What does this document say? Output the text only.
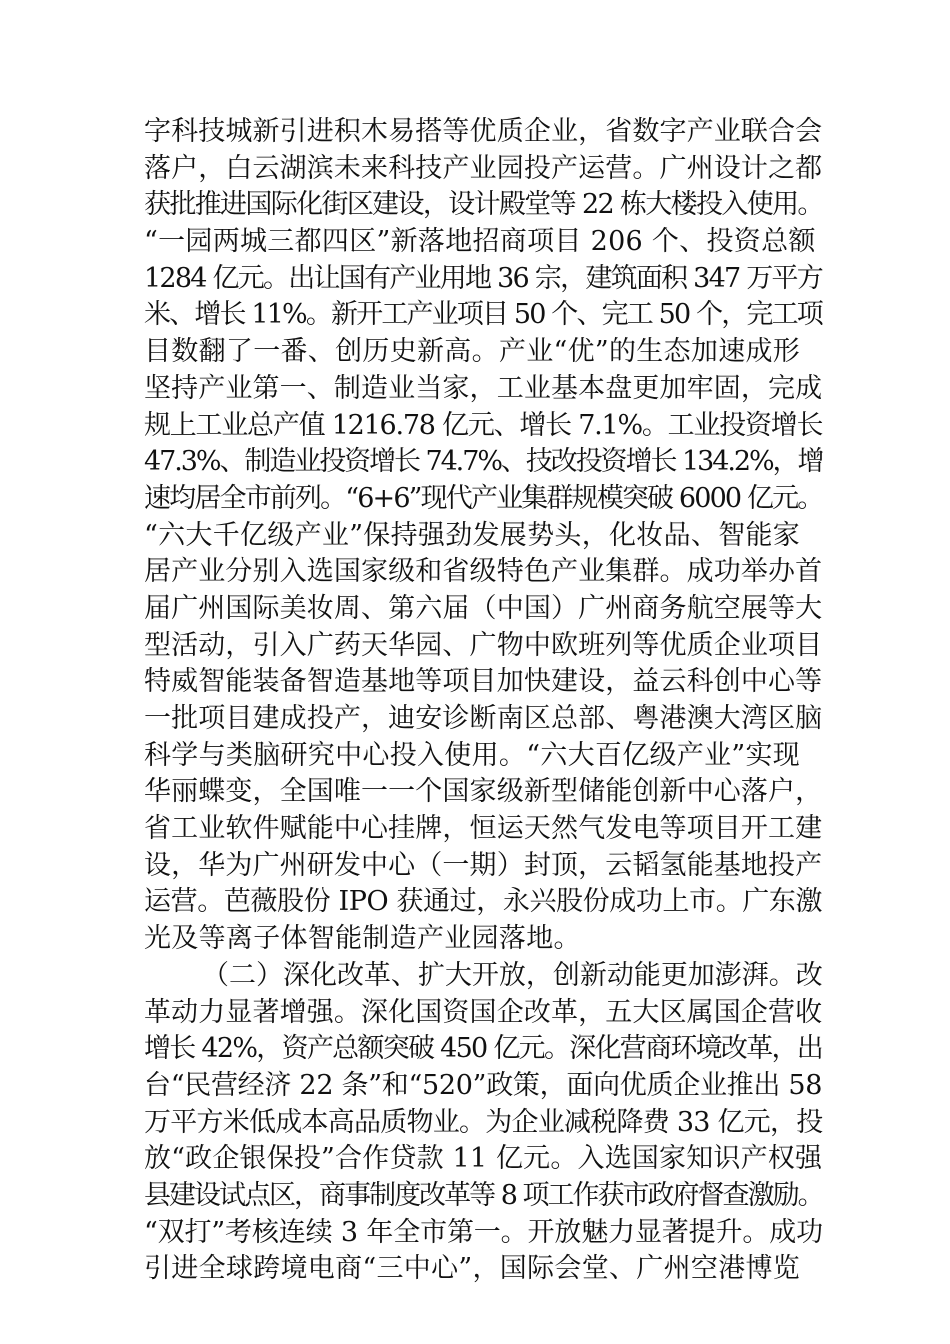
字科技城新引进积木易搭等优质企业，省数字产业联合会
落户，白云湖滨未来科技产业园投产运营。广州设计之都
获批推进国际化街区建设，设计殿堂等 22 栋大楼投入使用。
“一园两城三都四区”新落地招商项目 206 个、投资总额
1284 亿元。出让国有产业用地 36 宗，建筑面积 347 万平方
米、增长 11%。新开工产业项目 50 个、完工 50 个，完工项
目数翻了一番、创历史新高。产业“优”的生态加速成形
坚持产业第一、制造业当家，工业基本盘更加牢固，完成
规上工业总产值 1216.78 亿元、增长 7.1%。工业投资增长
47.3%、制造业投资增长 74.7%、技改投资增长 134.2%，增
速均居全市前列。“6+6”现代产业集群规模突破 6000 亿元。
“六大千亿级产业”保持强劲发展势头，化妆品、智能家
居产业分别入选国家级和省级特色产业集群。成功举办首
届广州国际美妆周、第六届（中国）广州商务航空展等大
型活动，引入广药天华园、广物中欧班列等优质企业项目
特威智能装备智造基地等项目加快建设，益云科创中心等
一批项目建成投产，迪安诊断南区总部、粤港澳大湾区脑
科学与类脑研究中心投入使用。“六大百亿级产业”实现
华丽蝶变，全国唯一一个国家级新型储能创新中心落户，
省工业软件赋能中心挂牌，恒运天然气发电等项目开工建
设，华为广州研发中心（一期）封顶，云韬氢能基地投产
运营。芭薇股份 IPO 获通过，永兴股份成功上市。广东激
光及等离子体智能制造产业园落地。
（二）深化改革、扩大开放，创新动能更加澎湃。改
革动力显著增强。深化国资国企改革，五大区属国企营收
增长 42%，资产总额突破 450 亿元。深化营商环境改革，出
台“民营经济 22 条”和“520”政策，面向优质企业推出 58
万平方米低成本高品质物业。为企业减税降费 33 亿元，投
放“政企银保投”合作贷款 11 亿元。入选国家知识产权强
县建设试点区，商事制度改革等 8 项工作获市政府督查激励。
“双打”考核连续 3 年全市第一。开放魅力显著提升。成功
引进全球跨境电商“三中心”，国际会堂、广州空港博览
